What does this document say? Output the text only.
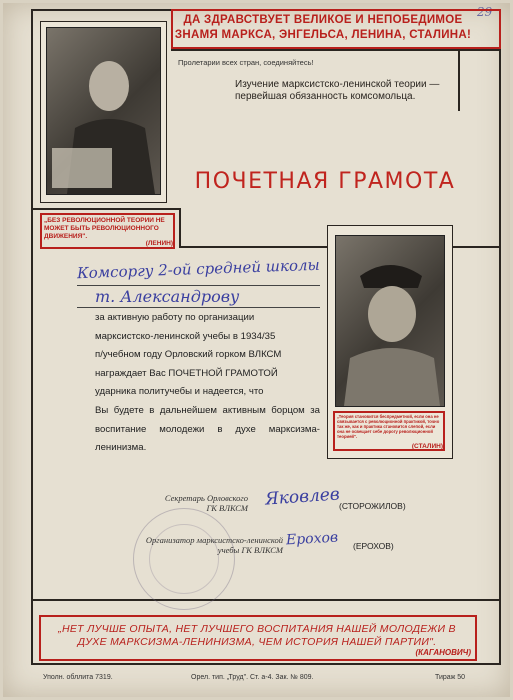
29
ДА ЗДРАВСТВУЕТ ВЕЛИКОЕ И НЕПОБЕДИМОЕ ЗНАМЯ МАРКСА, ЭНГЕЛЬСА, ЛЕНИНА, СТАЛИНА!
Пролетарии всех стран, соединяйтесь!
Изучение марксистско-ленинской теории — первейшая обязанность комсомольца.
„БЕЗ РЕВОЛЮЦИОННОЙ ТЕОРИИ НЕ МОЖЕТ БЫТЬ РЕВОЛЮЦИОННОГО ДВИЖЕНИЯ".
(ЛЕНИН)
ПОЧЕТНАЯ ГРАМОТА
„Теория становится беспредметной, если она не связывается с революционной практикой, точно так же, как и практика становится слепой, если она не освещает себе дорогу революционной теорией".
(СТАЛИН)
Комсоргу 2-ой средней школы
т. Александрову
за активную работу по организации
марксистско-ленинской учебы в 1934/35
п/учебном году Орловский горком ВЛКСМ
награждает Вас ПОЧЕТНОЙ ГРАМОТОЙ
ударника политучебы и надеется, что
Вы будете в дальнейшем активным борцом за воспитание молодежи в духе марксизма-ленинизма.
Секретарь Орловского
ГК ВЛКСМ Яковлев
(СТОРОЖИЛОВ)
Организатор марксистско-ленинской
учебы ГК ВЛКСМ
Ерохов (ЕРОХОВ)
„НЕТ ЛУЧШЕ ОПЫТА, НЕТ ЛУЧШЕГО ВОСПИТАНИЯ НАШЕЙ МОЛОДЕЖИ В ДУХЕ МАРКСИЗМА-ЛЕНИНИЗМА, ЧЕМ ИСТОРИЯ НАШЕЙ ПАРТИИ".
(КАГАНОВИЧ)
Уполн. обллита 7319.	Орел. тип. „Труд". Ст. а-4. Зак. № 809.	Тираж 50
